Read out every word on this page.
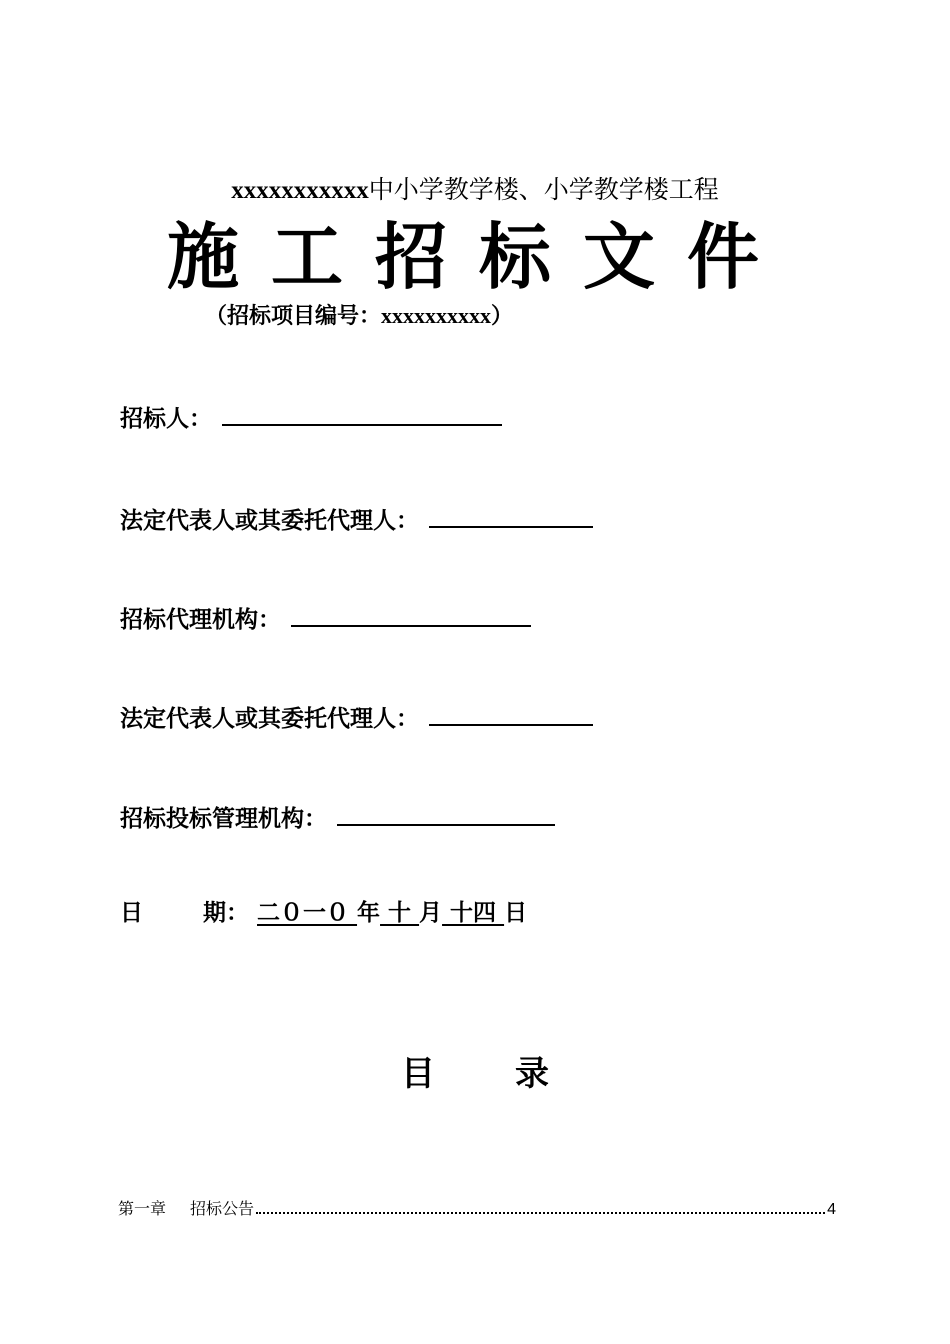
xxxxxxxxxxx中小学教学楼、小学教学楼工程
施工招标文件
（招标项目编号：xxxxxxxxxx）
招标人：
法定代表人或其委托代理人：
招标代理机构：
法定代表人或其委托代理人：
招标投标管理机构：
日	期： 二０一０ 年 十 月 十四 日
目 录
第一章 招标公告	4
